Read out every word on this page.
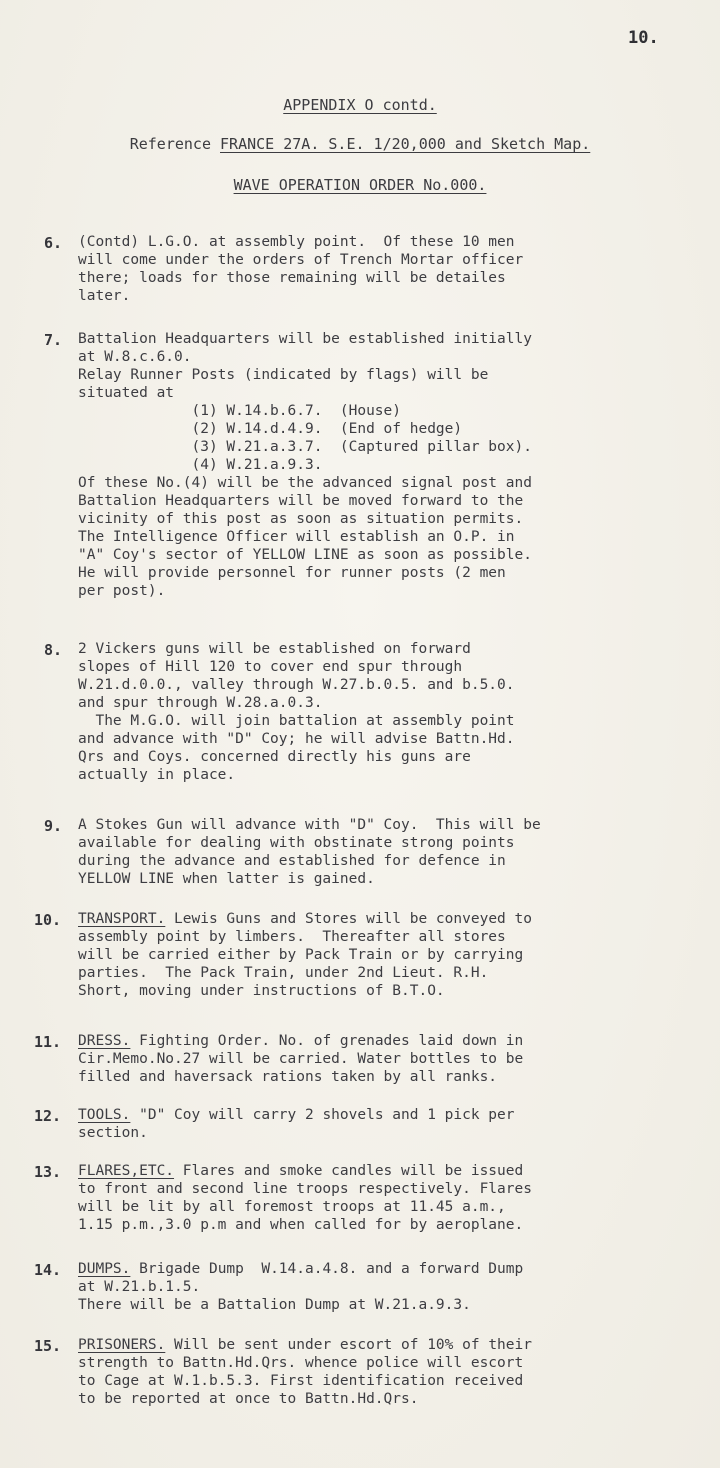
10.
APPENDIX O contd.
Reference FRANCE 27A. S.E. 1/20,000 and Sketch Map.
WAVE OPERATION ORDER No.000.
6. (Contd) L.G.O. at assembly point.  Of these 10 men
will come under the orders of Trench Mortar officer
there; loads for those remaining will be detailes
later.
7. Battalion Headquarters will be established initially
at W.8.c.6.0.
Relay Runner Posts (indicated by flags) will be
situated at
(1) W.14.b.6.7.  (House)
(2) W.14.d.4.9.  (End of hedge)
(3) W.21.a.3.7.  (Captured pillar box).
(4) W.21.a.9.3.
Of these No.(4) will be the advanced signal post and
Battalion Headquarters will be moved forward to the
vicinity of this post as soon as situation permits.
The Intelligence Officer will establish an O.P. in
"A" Coy's sector of YELLOW LINE as soon as possible.
He will provide personnel for runner posts (2 men
per post).
8. 2 Vickers guns will be established on forward
slopes of Hill 120 to cover end spur through
W.21.d.0.0., valley through W.27.b.0.5. and b.5.0.
and spur through W.28.a.0.3.
The M.G.O. will join battalion at assembly point
and advance with "D" Coy; he will advise Battn.Hd.
Qrs and Coys. concerned directly his guns are
actually in place.
9. A Stokes Gun will advance with "D" Coy.  This will be
available for dealing with obstinate strong points
during the advance and established for defence in
YELLOW LINE when latter is gained.
10. TRANSPORT. Lewis Guns and Stores will be conveyed to
assembly point by limbers.  Thereafter all stores
will be carried either by Pack Train or by carrying
parties.  The Pack Train, under 2nd Lieut. R.H.
Short, moving under instructions of B.T.O.
11. DRESS. Fighting Order. No. of grenades laid down in
Cir.Memo.No.27 will be carried. Water bottles to be
filled and haversack rations taken by all ranks.
12. TOOLS. "D" Coy will carry 2 shovels and 1 pick per
section.
13. FLARES,ETC. Flares and smoke candles will be issued
to front and second line troops respectively. Flares
will be lit by all foremost troops at 11.45 a.m.,
1.15 p.m.,3.0 p.m and when called for by aeroplane.
14. DUMPS. Brigade Dump  W.14.a.4.8. and a forward Dump
at W.21.b.1.5.
There will be a Battalion Dump at W.21.a.9.3.
15. PRISONERS. Will be sent under escort of 10% of their
strength to Battn.Hd.Qrs. whence police will escort
to Cage at W.1.b.5.3. First identification received
to be reported at once to Battn.Hd.Qrs.
